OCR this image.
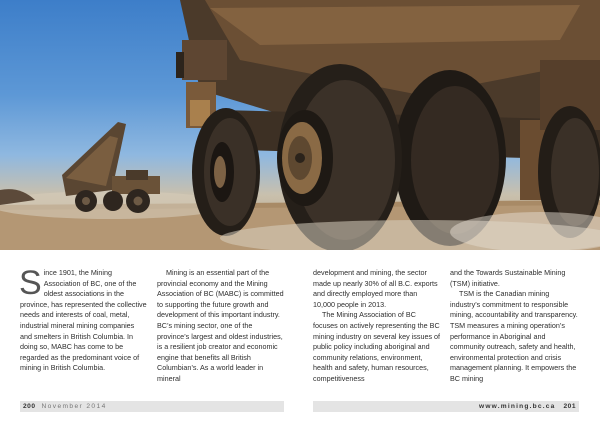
Since 1901, the Mining Association of BC, one of the oldest associations in the province, has represented the collective needs and interests of coal, metal, industrial mineral mining companies and smelters in British Columbia. In doing so, MABC has come to be regarded as the predominant voice of mining in British Columbia.

Mining is an essential part of the provincial economy and the Mining Association of BC (MABC) is committed to supporting the future growth and development of this important industry. BC’s mining sector, one of the province’s largest and oldest industries, is a resilient job creator and economic engine that benefits all British Columbian’s. As a world leader in mineral

development and mining, the sector made up nearly 30% of all B.C. exports and directly employed more than 10,000 people in 2013.

The Mining Association of BC focuses on actively representing the BC mining industry on several key issues of public policy including aboriginal and community relations, environment, health and safety, human resources, competitiveness

and the Towards Sustainable Mining (TSM) initiative.

TSM is the Canadian mining industry’s commitment to responsible mining, accountability and transparency. TSM measures a mining operation’s performance in Aboriginal and community outreach, safety and health, environmental protection and crisis management planning. It empowers the BC mining

200 November 2014	www.mining.bc.ca 201
